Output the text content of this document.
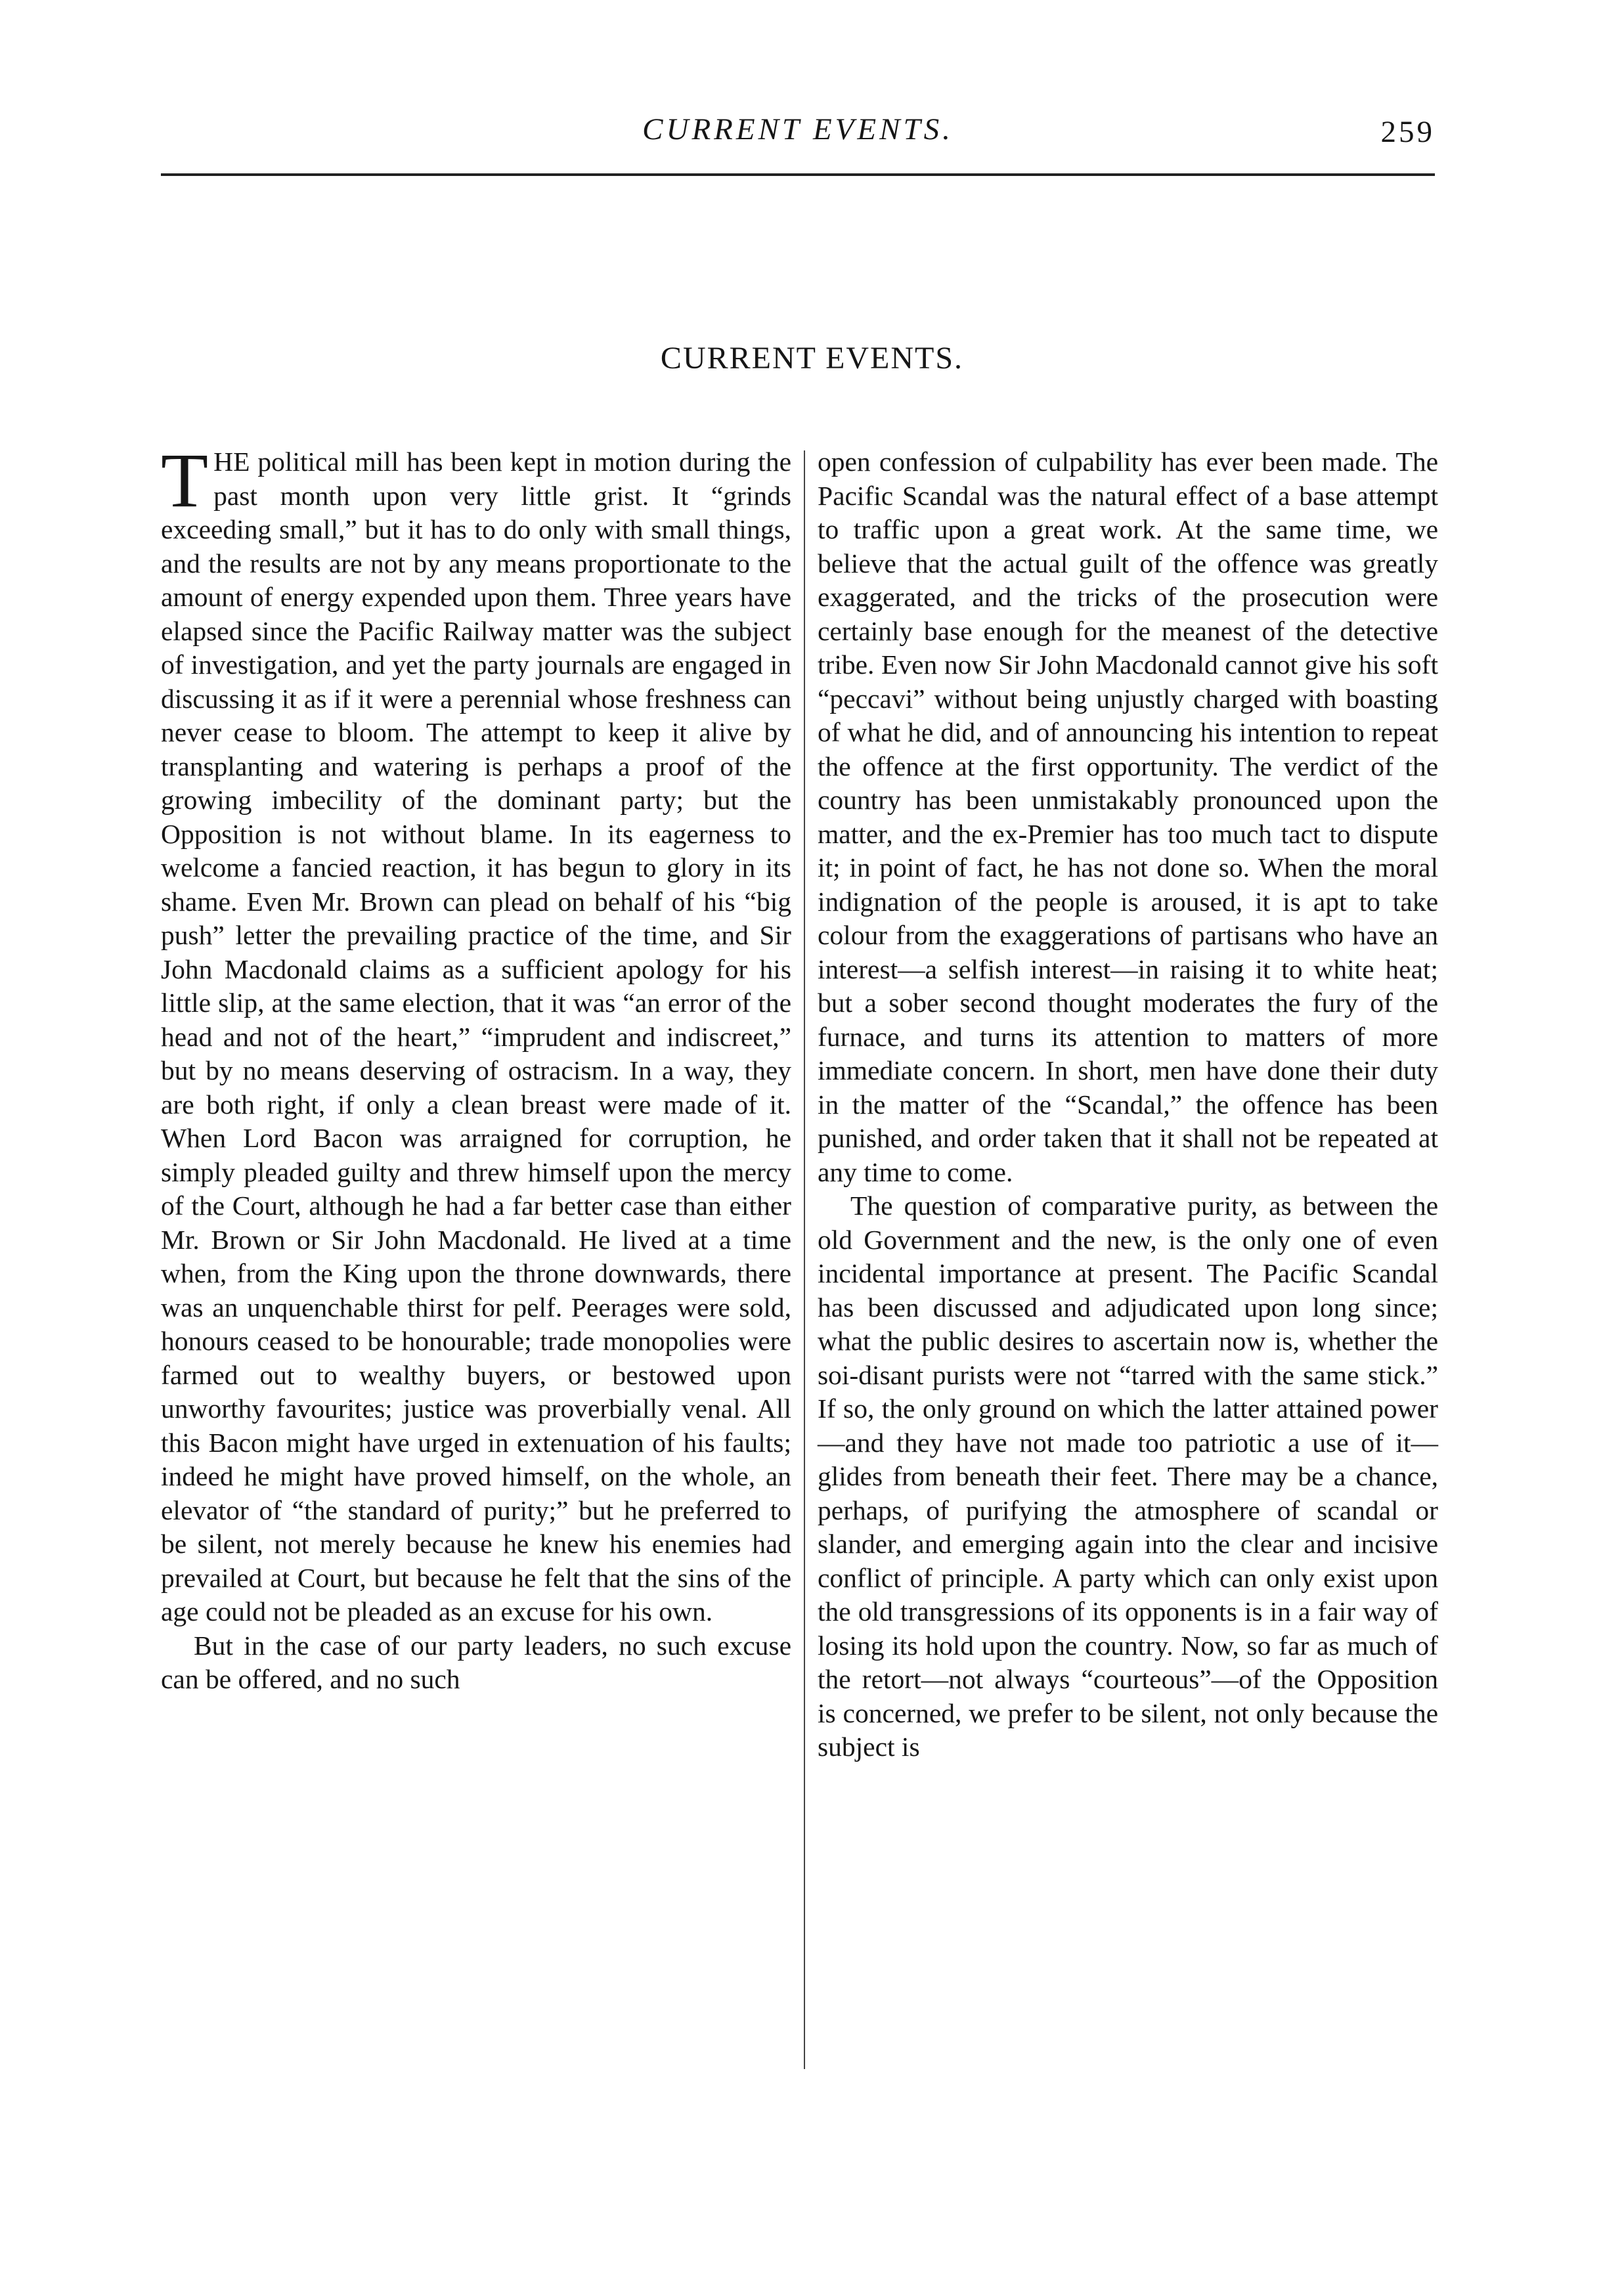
CURRENT EVENTS.	259
CURRENT EVENTS.

THE political mill has been kept in motion during the past month upon very little grist. It “grinds exceeding small,” but it has to do only with small things, and the results are not by any means proportionate to the amount of energy expended upon them. Three years have elapsed since the Pacific Railway matter was the subject of investigation, and yet the party journals are engaged in discussing it as if it were a perennial whose freshness can never cease to bloom. The attempt to keep it alive by transplanting and watering is perhaps a proof of the growing imbecility of the dominant party; but the Opposition is not without blame. In its eagerness to welcome a fancied reaction, it has begun to glory in its shame. Even Mr. Brown can plead on behalf of his “big push” letter the prevailing practice of the time, and Sir John Macdonald claims as a sufficient apology for his little slip, at the same election, that it was “an error of the head and not of the heart,” “imprudent and indiscreet,” but by no means deserving of ostracism. In a way, they are both right, if only a clean breast were made of it. When Lord Bacon was arraigned for corruption, he simply pleaded guilty and threw himself upon the mercy of the Court, although he had a far better case than either Mr. Brown or Sir John Macdonald. He lived at a time when, from the King upon the throne downwards, there was an unquenchable thirst for pelf. Peerages were sold, honours ceased to be honourable; trade monopolies were farmed out to wealthy buyers, or bestowed upon unworthy favourites; justice was proverbially venal. All this Bacon might have urged in extenuation of his faults; indeed he might have proved himself, on the whole, an elevator of “the standard of purity;” but he preferred to be silent, not merely because he knew his enemies had prevailed at Court, but because he felt that the sins of the age could not be pleaded as an excuse for his own.

But in the case of our party leaders, no such excuse can be offered, and no such

open confession of culpability has ever been made. The Pacific Scandal was the natural effect of a base attempt to traffic upon a great work. At the same time, we believe that the actual guilt of the offence was greatly exaggerated, and the tricks of the prosecution were certainly base enough for the meanest of the detective tribe. Even now Sir John Macdonald cannot give his soft “peccavi” without being unjustly charged with boasting of what he did, and of announcing his intention to repeat the offence at the first opportunity. The verdict of the country has been unmistakably pronounced upon the matter, and the ex-Premier has too much tact to dispute it; in point of fact, he has not done so. When the moral indignation of the people is aroused, it is apt to take colour from the exaggerations of partisans who have an interest—a selfish interest—in raising it to white heat; but a sober second thought moderates the fury of the furnace, and turns its attention to matters of more immediate concern. In short, men have done their duty in the matter of the “Scandal,” the offence has been punished, and order taken that it shall not be repeated at any time to come.

The question of comparative purity, as between the old Government and the new, is the only one of even incidental importance at present. The Pacific Scandal has been discussed and adjudicated upon long since; what the public desires to ascertain now is, whether the soi-disant purists were not “tarred with the same stick.” If so, the only ground on which the latter attained power—and they have not made too patriotic a use of it—glides from beneath their feet. There may be a chance, perhaps, of purifying the atmosphere of scandal or slander, and emerging again into the clear and incisive conflict of principle. A party which can only exist upon the old transgressions of its opponents is in a fair way of losing its hold upon the country. Now, so far as much of the retort—not always “courteous”—of the Opposition is concerned, we prefer to be silent, not only because the subject is
